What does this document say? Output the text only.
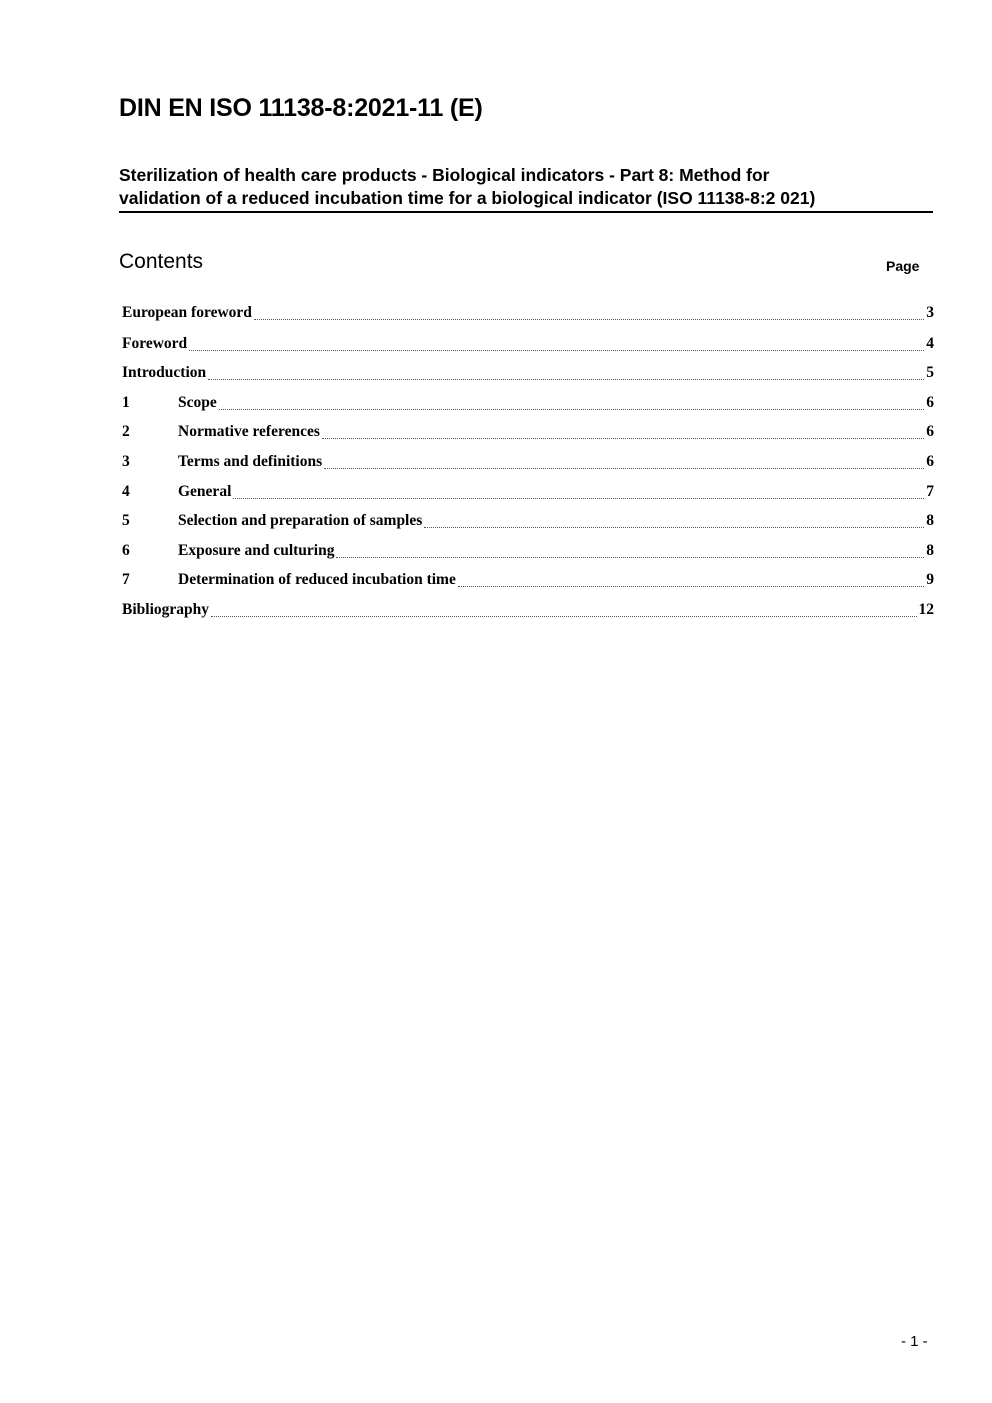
DIN EN ISO 11138-8:2021-11 (E)
Sterilization of health care products - Biological indicators - Part 8: Method for
validation of a reduced incubation time for a biological indicator (ISO 11138-8:2 021)
Contents	Page
European foreword	3
Foreword	4
Introduction	5
1	Scope	6
2	Normative references	6
3	Terms and definitions	6
4	General	7
5	Selection and preparation of samples	8
6	Exposure and culturing	8
7	Determination of reduced incubation time	9
Bibliography	12
- 1 -
